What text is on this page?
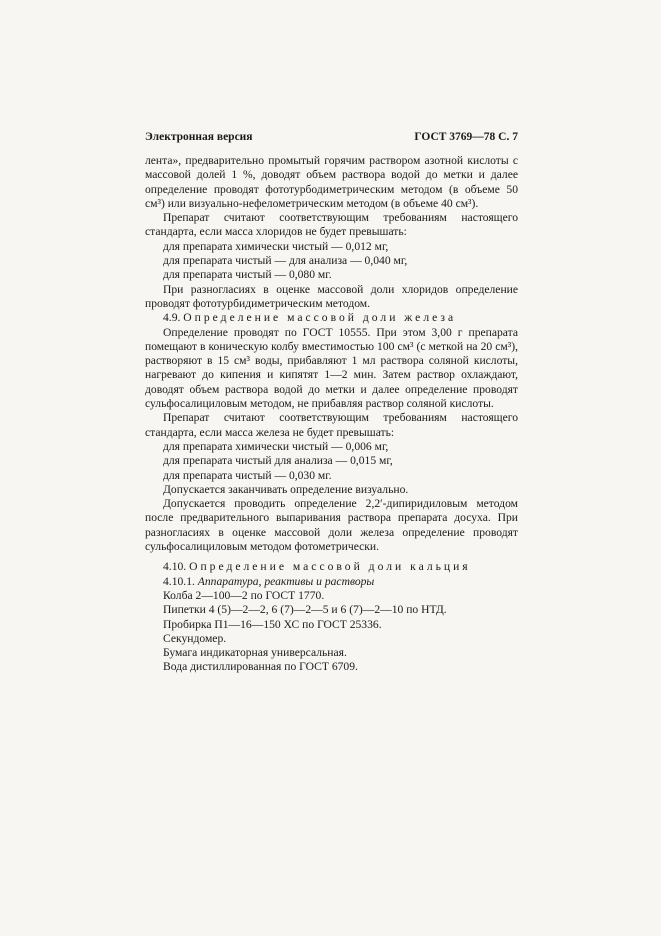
Электронная версия	ГОСТ 3769—78 С. 7

лента», предварительно промытый горячим раствором азотной кислоты с массовой долей 1 %, доводят объем раствора водой до метки и далее определение проводят фототурбодиметрическим методом (в объеме 50 см³) или визуально-нефелометрическим методом (в объеме 40 см³).

Препарат считают соответствующим требованиям настоящего стандарта, если масса хлоридов не будет превышать:

для препарата химически чистый — 0,012 мг,

для препарата чистый — для анализа — 0,040 мг,

для препарата чистый — 0,080 мг.

При разногласиях в оценке массовой доли хлоридов определение проводят фототурбидиметрическим методом.

4.9. Определение массовой доли железа

Определение проводят по ГОСТ 10555. При этом 3,00 г препарата помещают в коническую колбу вместимостью 100 см³ (с меткой на 20 см³), растворяют в 15 см³ воды, прибавляют 1 мл раствора соляной кислоты, нагревают до кипения и кипятят 1—2 мин. Затем раствор охлаждают, доводят объем раствора водой до метки и далее определение проводят сульфосалициловым методом, не прибавляя раствор соляной кислоты.

Препарат считают соответствующим требованиям настоящего стандарта, если масса железа не будет превышать:

для препарата химически чистый — 0,006 мг,

для препарата чистый для анализа — 0,015 мг,

для препарата чистый — 0,030 мг.

Допускается заканчивать определение визуально.

Допускается проводить определение 2,2′-дипиридиловым методом после предварительного выпаривания раствора препарата досуха. При разногласиях в оценке массовой доли железа определение проводят сульфосалициловым методом фотометрически.

4.10. Определение массовой доли кальция

4.10.1. Аппаратура, реактивы и растворы

Колба 2—100—2 по ГОСТ 1770.

Пипетки 4 (5)—2—2, 6 (7)—2—5 и 6 (7)—2—10 по НТД.

Пробирка П1—16—150 ХС по ГОСТ 25336.

Секундомер.

Бумага индикаторная универсальная.

Вода дистиллированная по ГОСТ 6709.
